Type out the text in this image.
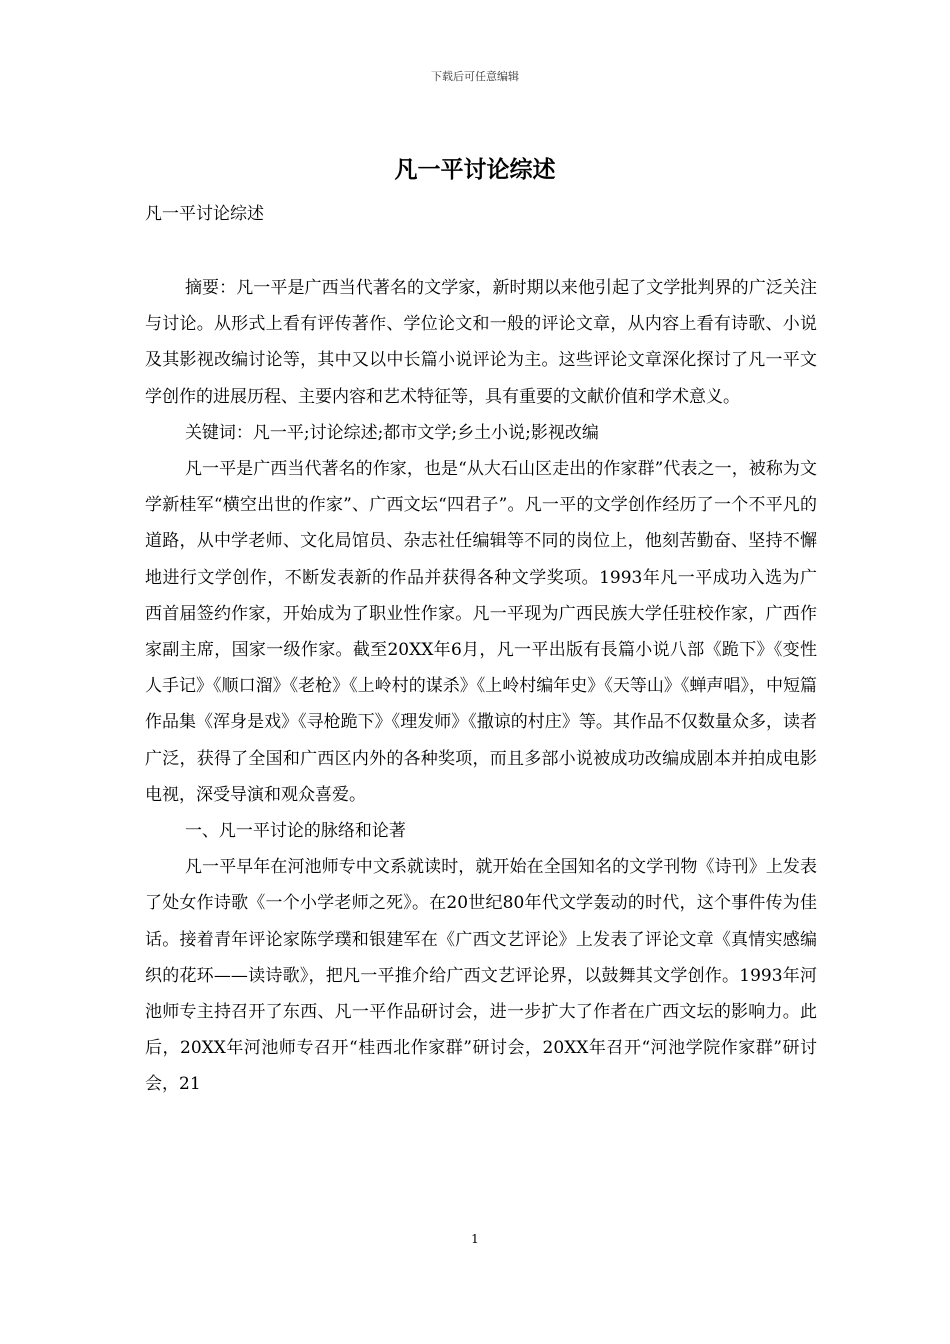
下载后可任意编辑
凡一平讨论综述
凡一平讨论综述

摘要：凡一平是广西当代著名的文学家，新时期以来他引起了文学批判界的广泛关注与讨论。从形式上看有评传著作、学位论文和一般的评论文章，从内容上看有诗歌、小说及其影视改编讨论等，其中又以中长篇小说评论为主。这些评论文章深化探讨了凡一平文学创作的进展历程、主要内容和艺术特征等，具有重要的文献价值和学术意义。

关键词：凡一平;讨论综述;都市文学;乡土小说;影视改编

凡一平是广西当代著名的作家，也是“从大石山区走出的作家群”代表之一，被称为文学新桂军“横空出世的作家”、广西文坛“四君子”。凡一平的文学创作经历了一个不平凡的道路，从中学老师、文化局馆员、杂志社任编辑等不同的岗位上，他刻苦勤奋、坚持不懈地进行文学创作，不断发表新的作品并获得各种文学奖项。1993年凡一平成功入选为广西首届签约作家，开始成为了职业性作家。凡一平现为广西民族大学任驻校作家，广西作家副主席，国家一级作家。截至20XX年6月，凡一平出版有長篇小说八部《跪下》《变性人手记》《顺口溜》《老枪》《上岭村的谋杀》《上岭村编年史》《天等山》《蝉声唱》，中短篇作品集《浑身是戏》《寻枪跪下》《理发师》《撒谅的村庄》等。其作品不仅数量众多，读者广泛，获得了全国和广西区内外的各种奖项，而且多部小说被成功改编成剧本并拍成电影电视，深受导演和观众喜爱。

一、凡一平讨论的脉络和论著

凡一平早年在河池师专中文系就读时，就开始在全国知名的文学刊物《诗刊》上发表了处女作诗歌《一个小学老师之死》。在20世纪80年代文学轰动的时代，这个事件传为佳话。接着青年评论家陈学璞和银建军在《广西文艺评论》上发表了评论文章《真情实感编织的花环——读诗歌》，把凡一平推介给广西文艺评论界，以鼓舞其文学创作。1993年河池师专主持召开了东西、凡一平作品研讨会，进一步扩大了作者在广西文坛的影响力。此后，20XX年河池师专召开“桂西北作家群”研讨会，20XX年召开“河池学院作家群”研讨会，21

1
